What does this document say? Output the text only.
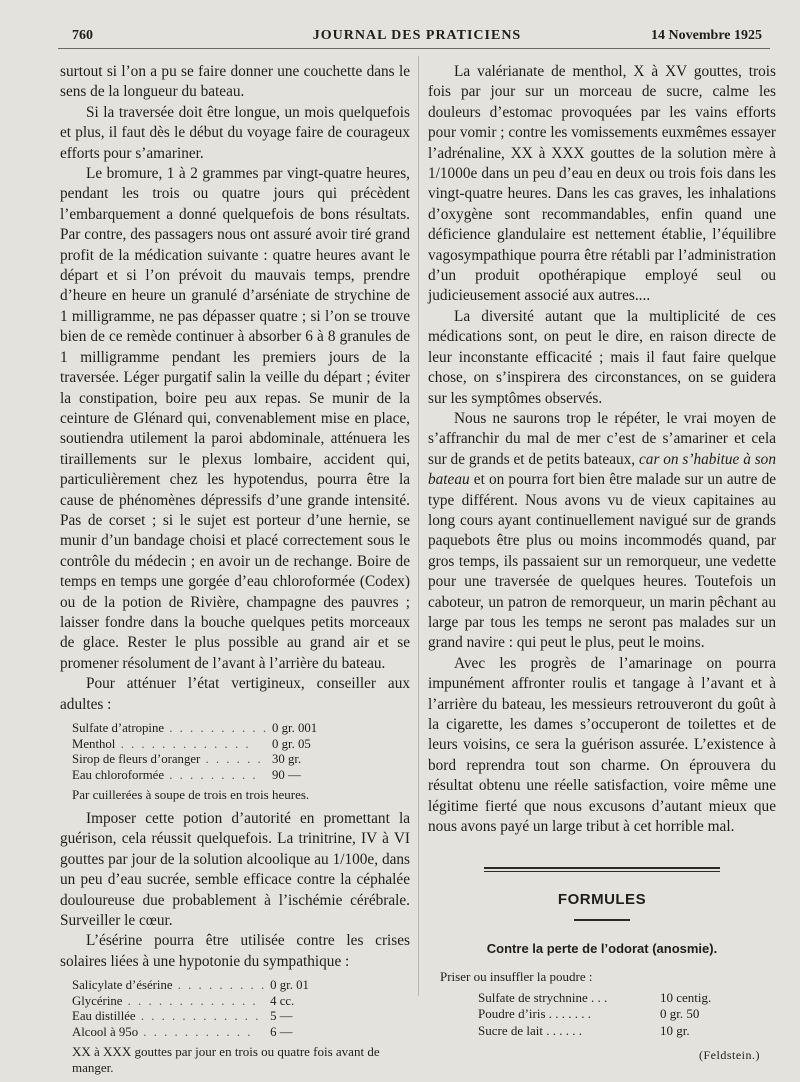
760	JOURNAL DES PRATICIENS	14 Novembre 1925

surtout si l’on a pu se faire donner une couchette dans le sens de la longueur du bateau.

Si la traversée doit être longue, un mois quelquefois et plus, il faut dès le début du voyage faire de courageux efforts pour s’amariner.

Le bromure, 1 à 2 grammes par vingt-quatre heures, pendant les trois ou quatre jours qui précèdent l’embarquement a donné quelquefois de bons résultats. Par contre, des passagers nous ont assuré avoir tiré grand profit de la médication suivante : quatre heures avant le départ et si l’on prévoit du mauvais temps, prendre d’heure en heure un granulé d’arséniate de strychine de 1 milligramme, ne pas dépasser quatre ; si l’on se trouve bien de ce remède continuer à absorber 6 à 8 granules de 1 milligramme pendant les premiers jours de la traversée. Léger purgatif salin la veille du départ ; éviter la constipation, boire peu aux repas. Se munir de la ceinture de Glénard qui, convenablement mise en place, soutiendra utilement la paroi abdominale, atténuera les tiraillements sur le plexus lombaire, accident qui, particulièrement chez les hypotendus, pourra être la cause de phénomènes dépressifs d’une grande intensité. Pas de corset ; si le sujet est porteur d’une hernie, se munir d’un bandage choisi et placé correctement sous le contrôle du médecin ; en avoir un de rechange. Boire de temps en temps une gorgée d’eau chloroformée (Codex) ou de la potion de Rivière, champagne des pauvres ; laisser fondre dans la bouche quelques petits morceaux de glace. Rester le plus possible au grand air et se promener résolument de l’avant à l’arrière du bateau.

Pour atténuer l’état vertigineux, conseiller aux adultes :

Sulfate d’atropine . . . . . . . . . .	0 gr. 001
Menthol . . . . . . . . . . . . .	0 gr. 05
Sirop de fleurs d’oranger . . . . . .	30 gr.
Eau chloroformée . . . . . . . . .	90 —
Par cuillerées à soupe de trois en trois heures.

Imposer cette potion d’autorité en promettant la guérison, cela réussit quelquefois. La trinitrine, IV à VI gouttes par jour de la solution alcoolique au 1/100e, dans un peu d’eau sucrée, semble efficace contre la céphalée douloureuse due probablement à l’ischémie cérébrale. Surveiller le cœur.

L’ésérine pourra être utilisée contre les crises solaires liées à une hypotonie du sympathique :

Salicylate d’ésérine . . . . . . . . .	0 gr. 01
Glycérine . . . . . . . . . . . . .	4 cc.
Eau distillée . . . . . . . . . . . .	5 —
Alcool à 95o . . . . . . . . . . .	6 —
XX à XXX gouttes par jour en trois ou quatre fois avant de manger.

La valérianate de menthol, X à XV gouttes, trois fois par jour sur un morceau de sucre, calme les douleurs d’estomac provoquées par les vains efforts pour vomir ; contre les vomissements euxmêmes essayer l’adrénaline, XX à XXX gouttes de la solution mère à 1/1000e dans un peu d’eau en deux ou trois fois dans les vingt-quatre heures. Dans les cas graves, les inhalations d’oxygène sont recommandables, enfin quand une déficience glandulaire est nettement établie, l’équilibre vagosympathique pourra être rétabli par l’administration d’un produit opothérapique employé seul ou judicieusement associé aux autres....

La diversité autant que la multiplicité de ces médications sont, on peut le dire, en raison directe de leur inconstante efficacité ; mais il faut faire quelque chose, on s’inspirera des circonstances, on se guidera sur les symptômes observés.

Nous ne saurons trop le répéter, le vrai moyen de s’affranchir du mal de mer c’est de s’amariner et cela sur de grands et de petits bateaux, car on s’habitue à son bateau et on pourra fort bien être malade sur un autre de type différent. Nous avons vu de vieux capitaines au long cours ayant continuellement navigué sur de grands paquebots être plus ou moins incommodés quand, par gros temps, ils passaient sur un remorqueur, une vedette pour une traversée de quelques heures. Toutefois un caboteur, un patron de remorqueur, un marin pêchant au large par tous les temps ne seront pas malades sur un grand navire : qui peut le plus, peut le moins.

Avec les progrès de l’amarinage on pourra impunément affronter roulis et tangage à l’avant et à l’arrière du bateau, les messieurs retrouveront du goût à la cigarette, les dames s’occuperont de toilettes et de leurs voisins, ce sera la guérison assurée. L’existence à bord reprendra tout son charme. On éprouvera du résultat obtenu une réelle satisfaction, voire même une légitime fierté que nous excusons d’autant mieux que nous avons payé un large tribut à cet horrible mal.

FORMULES
Contre la perte de l’odorat (anosmie).
Priser ou insuffler la poudre :
Sulfate de strychnine . . .	10 centig.
Poudre d’iris . . . . . . .	0 gr. 50
Sucre de lait . . . . . .	10 gr.
(Feldstein.)
